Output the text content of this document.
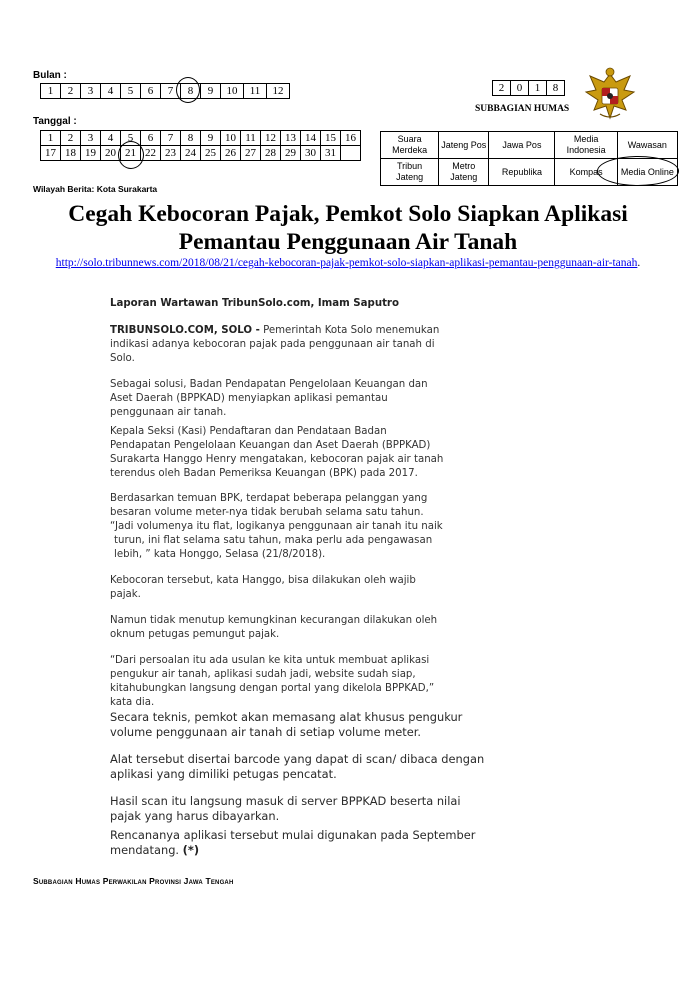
Bulan :
1	2	3	4	5	6	7	8	9	10	11	12
Tanggal :
1	2	3	4	5	6	7	8	9	10	11	12	13	14	15	16
17	18	19	20	21	22	23	24	25	26	27	28	29	30	31	
2	0	1	8
SUBBAGIAN HUMAS
Suara Merdeka	Jateng Pos	Jawa Pos	Media Indonesia	Wawasan
Tribun Jateng	Metro Jateng	Republika	Kompas	Media Online
Wilayah Berita: Kota Surakarta
Cegah Kebocoran Pajak, Pemkot Solo Siapkan Aplikasi Pemantau Penggunaan Air Tanah
http://solo.tribunnews.com/2018/08/21/cegah-kebocoran-pajak-pemkot-solo-siapkan-aplikasi-pemantau-penggunaan-air-tanah.

Laporan Wartawan TribunSolo.com, Imam Saputro

TRIBUNSOLO.COM, SOLO - Pemerintah Kota Solo menemukan

indikasi adanya kebocoran pajak pada penggunaan air tanah di

Solo.

Sebagai solusi, Badan Pendapatan Pengelolaan Keuangan dan

Aset Daerah (BPPKAD) menyiapkan aplikasi pemantau

penggunaan air tanah.

Kepala Seksi (Kasi) Pendaftaran dan Pendataan Badan

Pendapatan Pengelolaan Keuangan dan Aset Daerah (BPPKAD)

Surakarta Hanggo Henry mengatakan, kebocoran pajak air tanah

terendus oleh Badan Pemeriksa Keuangan (BPK) pada 2017.

Berdasarkan temuan BPK, terdapat beberapa pelanggan yang

besaran volume meter-nya tidak berubah selama satu tahun.

“Jadi volumenya itu flat, logikanya penggunaan air tanah itu naik

turun, ini flat selama satu tahun, maka perlu ada pengawasan

lebih, ” kata Honggo, Selasa (21/8/2018).

Kebocoran tersebut, kata Hanggo, bisa dilakukan oleh wajib

pajak.

Namun tidak menutup kemungkinan kecurangan dilakukan oleh

oknum petugas pemungut pajak.

“Dari persoalan itu ada usulan ke kita untuk membuat aplikasi

pengukur air tanah, aplikasi sudah jadi, website sudah siap,

kitahubungkan langsung dengan portal yang dikelola BPPKAD,”

kata dia.

Secara teknis, pemkot akan memasang alat khusus pengukur

volume penggunaan air tanah di setiap volume meter.

Alat tersebut disertai barcode yang dapat di scan/ dibaca dengan

aplikasi yang dimiliki petugas pencatat.

Hasil scan itu langsung masuk di server BPPKAD beserta nilai

pajak yang harus dibayarkan.

Rencananya aplikasi tersebut mulai digunakan pada September

mendatang. (*)

Subbagian Humas Perwakilan Provinsi Jawa Tengah
